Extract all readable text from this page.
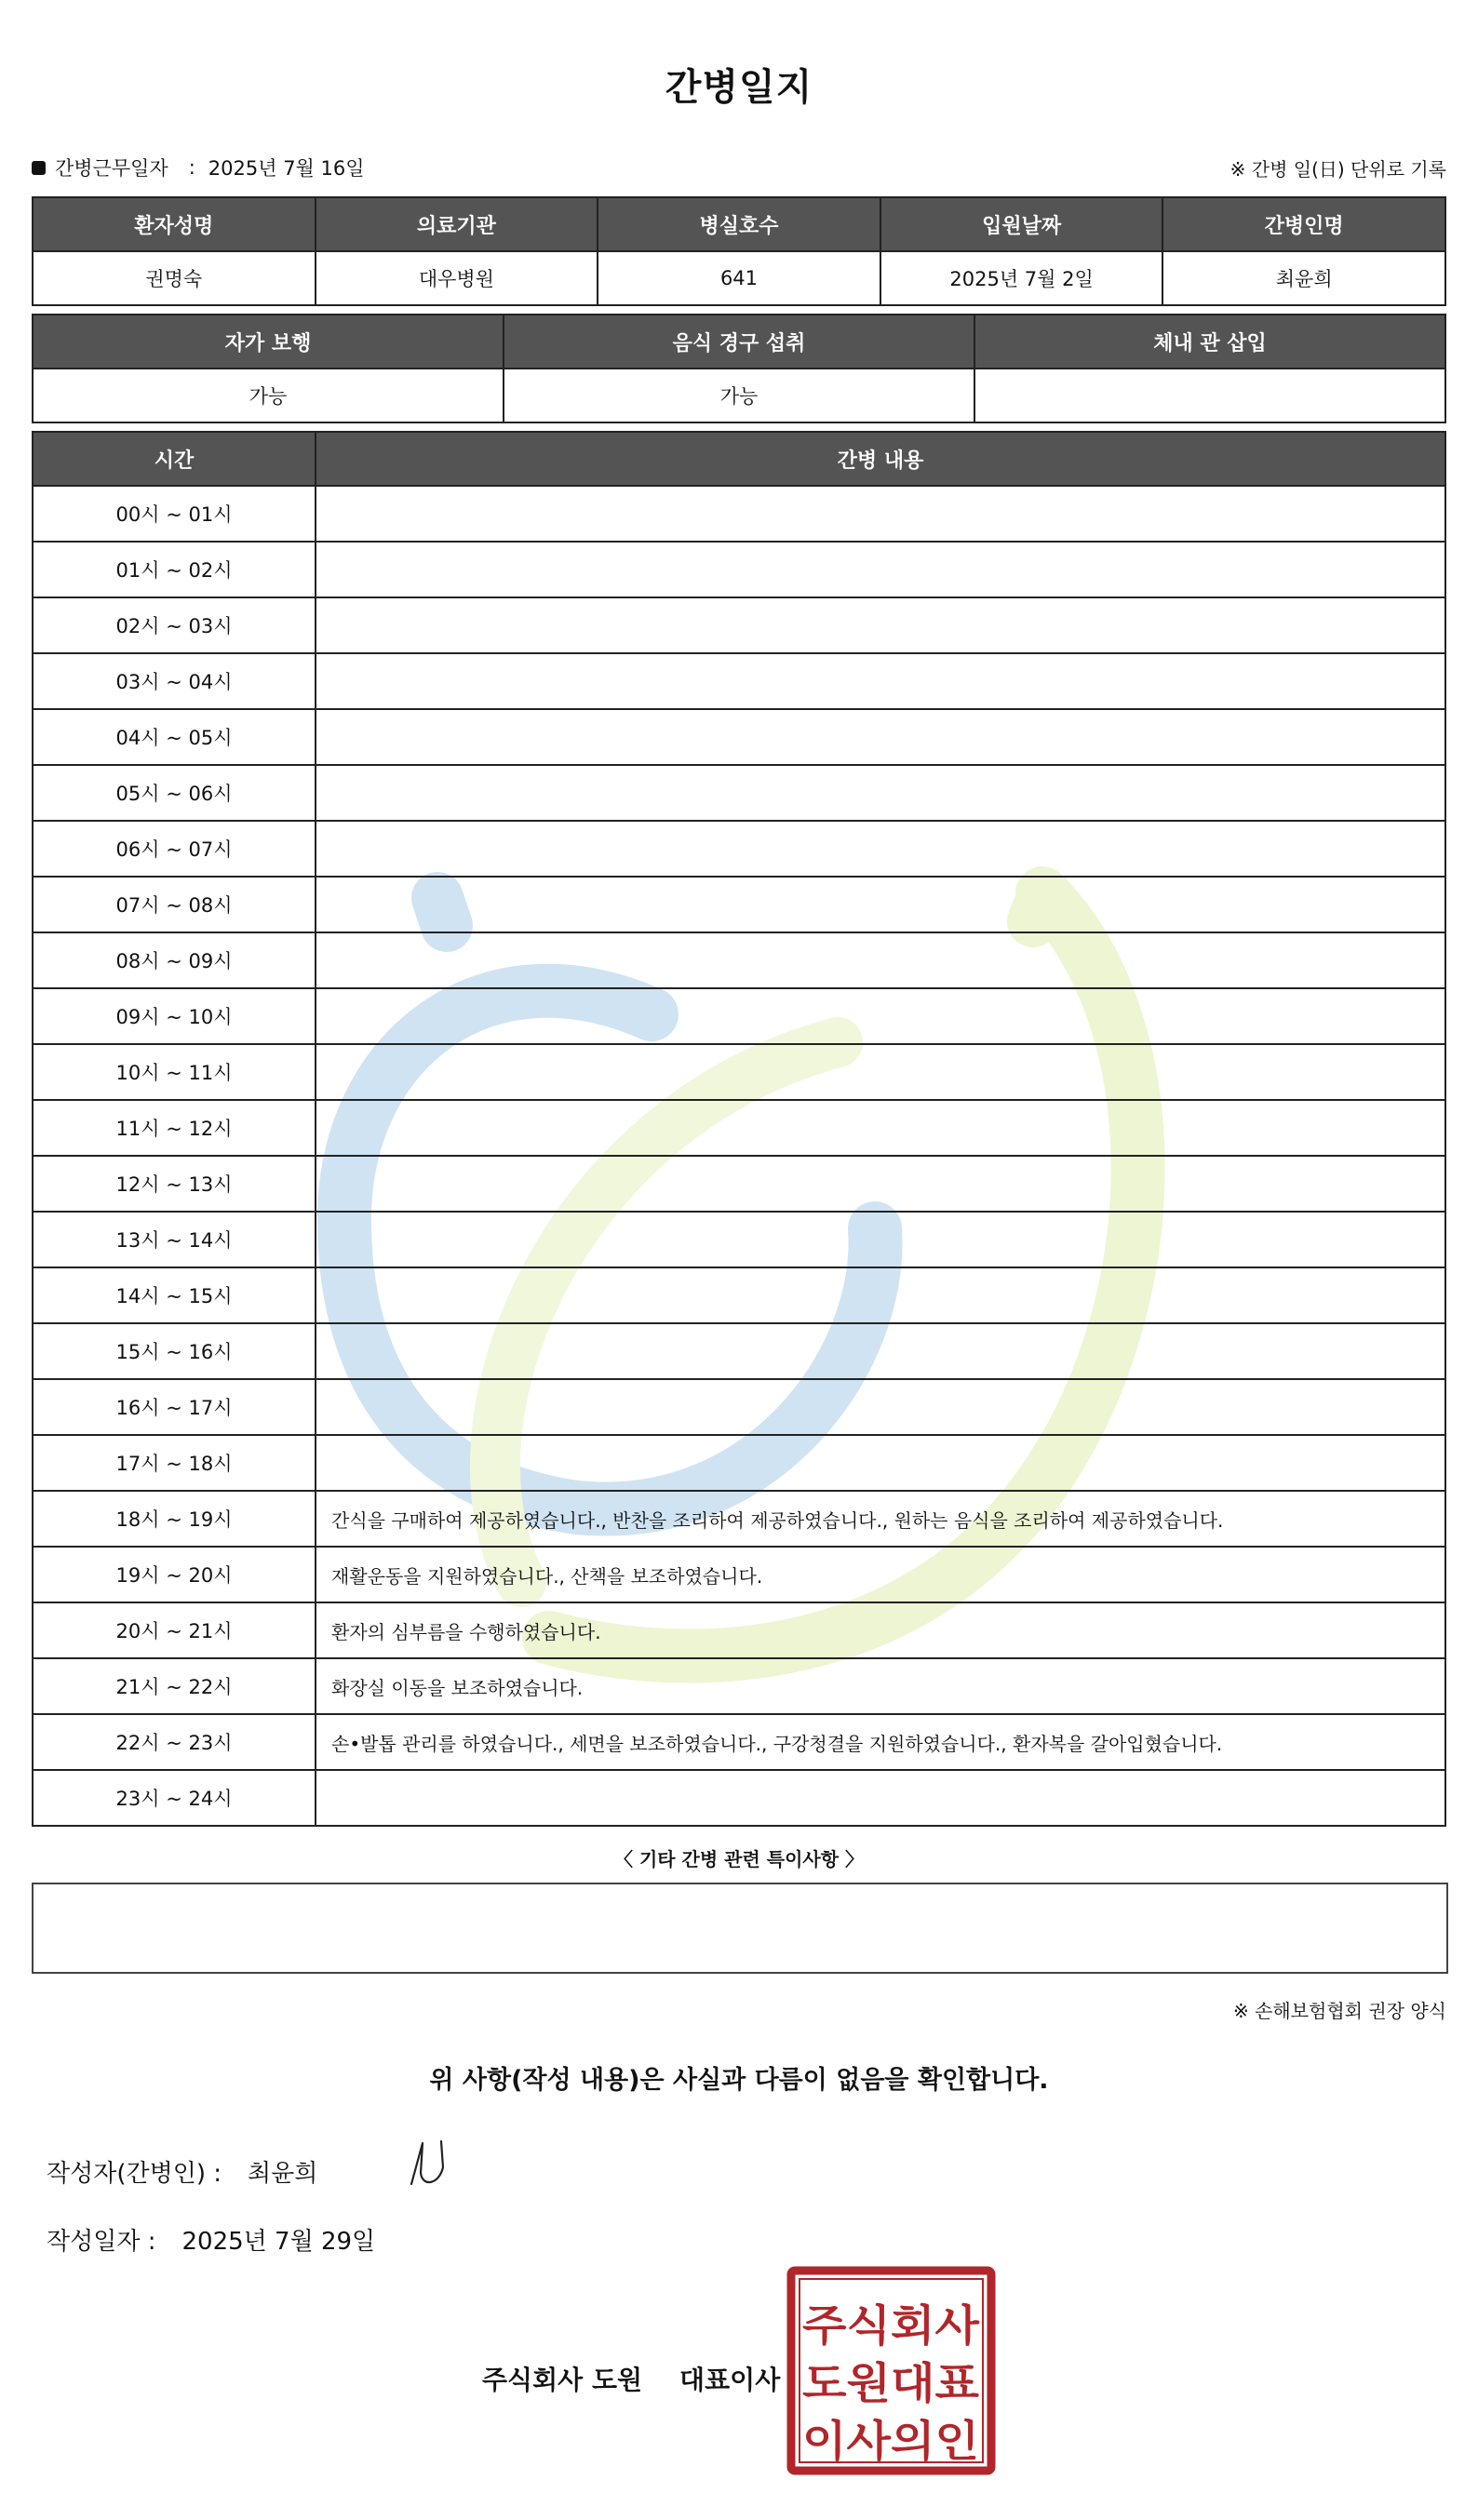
간병일지
간병근무일자 : 2025년 7월 16일	※ 간병 일(日) 단위로 기록
환자성명	의료기관	병실호수	입원날짜	간병인명
권명숙	대우병원	641	2025년 7월 2일	최윤희
자가 보행	음식 경구 섭취	체내 관 삽입
가능	가능	
시간	간병 내용
00시 ~ 01시	
01시 ~ 02시	
02시 ~ 03시	
03시 ~ 04시	
04시 ~ 05시	
05시 ~ 06시	
06시 ~ 07시	
07시 ~ 08시	
08시 ~ 09시	
09시 ~ 10시	
10시 ~ 11시	
11시 ~ 12시	
12시 ~ 13시	
13시 ~ 14시	
14시 ~ 15시	
15시 ~ 16시	
16시 ~ 17시	
17시 ~ 18시	
18시 ~ 19시	간식을 구매하여 제공하였습니다., 반찬을 조리하여 제공하였습니다., 원하는 음식을 조리하여 제공하였습니다.
19시 ~ 20시	재활운동을 지원하였습니다., 산책을 보조하였습니다.
20시 ~ 21시	환자의 심부름을 수행하였습니다.
21시 ~ 22시	화장실 이동을 보조하였습니다.
22시 ~ 23시	손•발톱 관리를 하였습니다., 세면을 보조하였습니다., 구강청결을 지원하였습니다., 환자복을 갈아입혔습니다.
23시 ~ 24시	
〈 기타 간병 관련 특이사항 〉
※ 손해보험협회 권장 양식
위 사항(작성 내용)은 사실과 다름이 없음을 확인합니다.
작성자(간병인) : 최윤희
작성일자 : 2025년 7월 29일
주식회사 도원 대표이사
주식회사
도원대표
이사의인
